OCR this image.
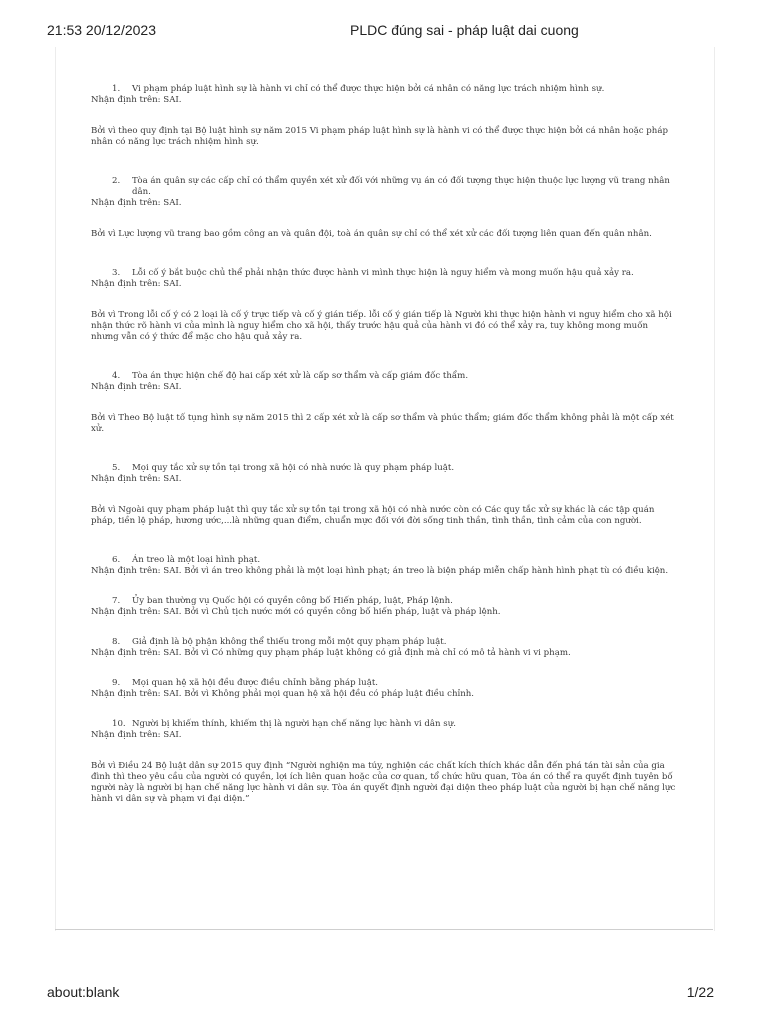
21:53 20/12/2023	PLDC đúng sai - pháp luật dai cuong
1.	Vi phạm pháp luật hình sự là hành vi chỉ có thể được thực hiện bởi cá nhân có năng lực trách nhiệm hình sự.

Nhận định trên: SAI.

Bởi vì theo quy định tại Bộ luật hình sự năm 2015 Vi phạm pháp luật hình sự là hành vi có thể được thực hiện bởi cá nhân hoặc pháp nhân có năng lực trách nhiệm hình sự.

2.	Tòa án quân sự các cấp chỉ có thẩm quyền xét xử đối với những vụ án có đối tượng thực hiện thuộc lực lượng vũ trang nhân dân.

Nhận định trên: SAI.

Bởi vì Lực lượng vũ trang bao gồm công an và quân đội, toà án quân sự chỉ có thể xét xử các đối tượng liên quan đến quân nhân.

3.	Lỗi cố ý bắt buộc chủ thể phải nhận thức được hành vi mình thực hiện là nguy hiểm và mong muốn hậu quả xảy ra.

Nhận định trên: SAI.

Bởi vì Trong lỗi cố ý có 2 loại là cố ý trực tiếp và cố ý gián tiếp. lỗi cố ý gián tiếp là Người khi thực hiện hành vi nguy hiểm cho xã hội nhận thức rõ hành vi của mình là nguy hiểm cho xã hội, thấy trước hậu quả của hành vi đó có thể xảy ra, tuy không mong muốn nhưng vẫn có ý thức để mặc cho hậu quả xảy ra.

4.	Tòa án thực hiện chế độ hai cấp xét xử là cấp sơ thẩm và cấp giám đốc thẩm.

Nhận định trên: SAI.

Bởi vì Theo Bộ luật tố tụng hình sự năm 2015 thì 2 cấp xét xử là cấp sơ thẩm và phúc thẩm; giám đốc thẩm không phải là một cấp xét xử.

5.	Mọi quy tắc xử sự tồn tại trong xã hội có nhà nước là quy phạm pháp luật.

Nhận định trên: SAI.

Bởi vì Ngoài quy phạm pháp luật thì quy tắc xử sự tồn tại trong xã hội có nhà nước còn có Các quy tắc xử sự khác là các tập quán pháp, tiền lệ pháp, hương ước,...là những quan điểm, chuẩn mực đối với đời sống tinh thần, tình thần, tình cảm của con người.

6.	Án treo là một loại hình phạt.

Nhận định trên: SAI. Bởi vì án treo không phải là một loại hình phạt; án treo là biện pháp miễn chấp hành hình phạt tù có điều kiện.

7.	Ủy ban thường vụ Quốc hội có quyền công bố Hiến pháp, luật, Pháp lệnh.

Nhận định trên: SAI. Bởi vì Chủ tịch nước mới có quyền công bố hiến pháp, luật và pháp lệnh.

8.	Giả định là bộ phận không thể thiếu trong mỗi một quy phạm pháp luật.

Nhận định trên: SAI. Bởi vì Có những quy phạm pháp luật không có giả định mà chỉ có mô tả hành vi vi phạm.

9.	Mọi quan hệ xã hội đều được điều chỉnh bằng pháp luật.

Nhận định trên: SAI. Bởi vì Không phải mọi quan hệ xã hội đều có pháp luật điều chỉnh.

10. Người bị khiếm thính, khiếm thị là người hạn chế năng lực hành vi dân sự.

Nhận định trên: SAI.

Bởi vì Điều 24 Bộ luật dân sự 2015 quy định “Người nghiện ma túy, nghiện các chất kích thích khác dẫn đến phá tán tài sản của gia đình thì theo yêu cầu của người có quyền, lợi ích liên quan hoặc của cơ quan, tổ chức hữu quan, Tòa án có thể ra quyết định tuyên bố người này là người bị hạn chế năng lực hành vi dân sự. Tòa án quyết định người đại diện theo pháp luật của người bị hạn chế năng lực hành vi dân sự và phạm vi đại diện.”

about:blank	1/22
